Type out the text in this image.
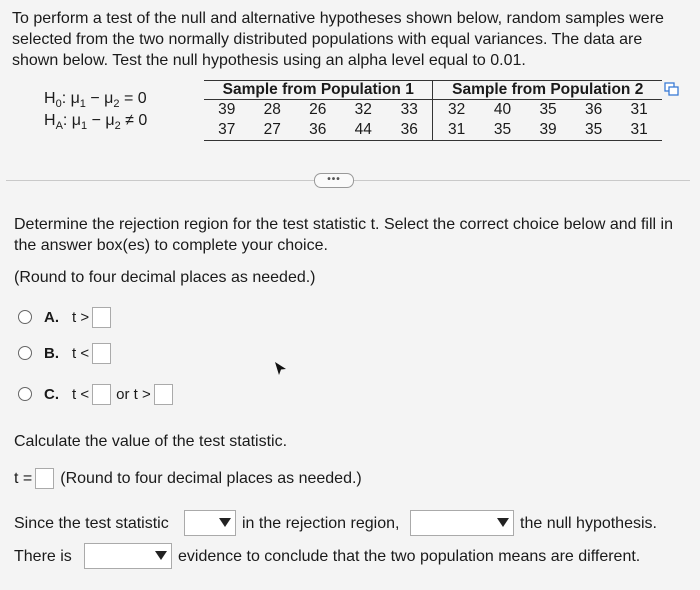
To perform a test of the null and alternative hypotheses shown below, random samples were selected from the two normally distributed populations with equal variances. The data are shown below. Test the null hypothesis using an alpha level equal to 0.01.
$H_0$: $\mu_1 - \mu_2 = 0$
$H_A$: $\mu_1 - \mu_2 \ne 0$
Sample from Population 1					Sample from Population 2				
39	28	26	32	33	32	40	35	36	31
37	27	36	44	36	31	35	39	35	31
•••
Determine the rejection region for the test statistic t. Select the correct choice below and fill in the answer box(es) to complete your choice.
(Round to four decimal places as needed.)
A. t >
B. t <
C. t < or t >
Calculate the value of the test statistic.
t = (Round to four decimal places as needed.)
Since the test statistic	in the rejection region,	the null hypothesis.
There is	evidence to conclude that the two population means are different.
